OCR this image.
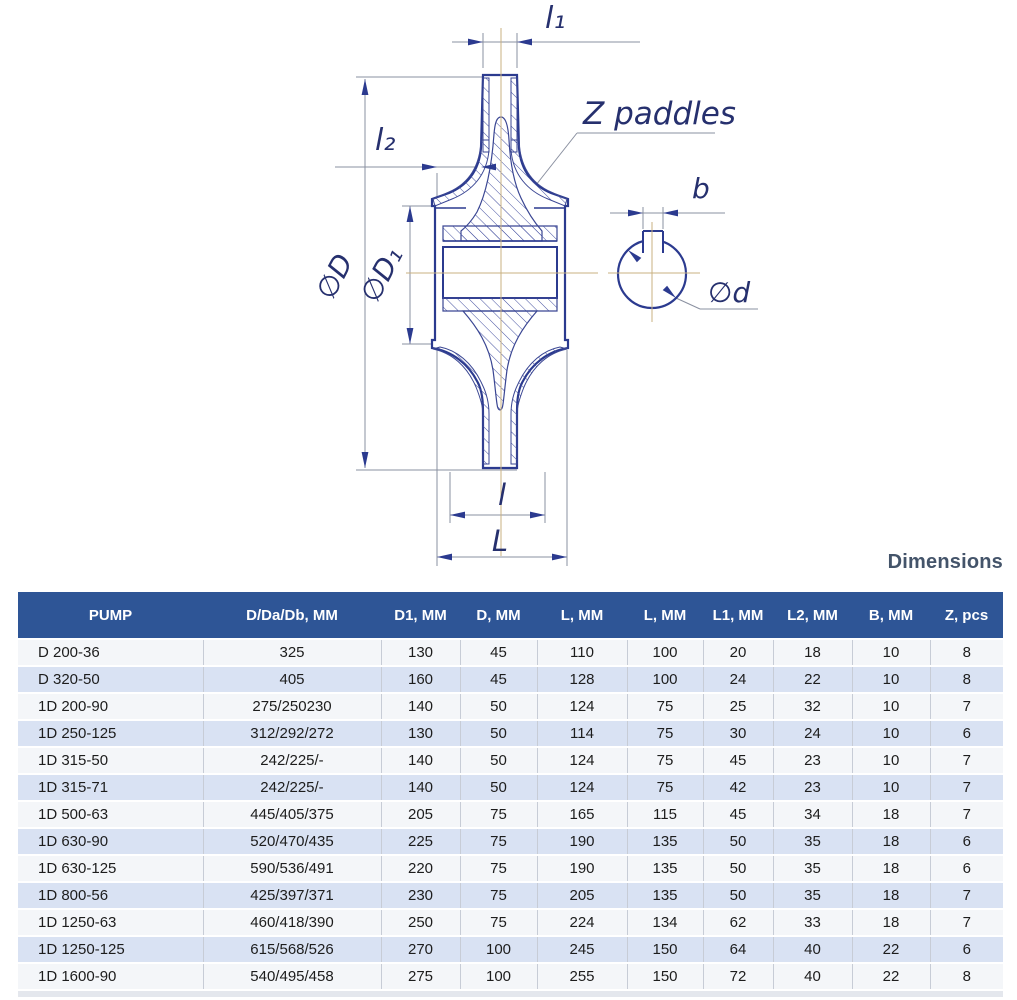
l₁
l₂
∅D
∅D₁
Z paddles
b
∅d
l
L
Dimensions
PUMP	D/Da/Db, MM	D1, MM	D, MM	L, MM	L, MM	L1, MM	L2, MM	B, MM	Z, pcs
D 200-36	325	130	45	110	100	20	18	10	8
D 320-50	405	160	45	128	100	24	22	10	8
1D 200-90	275/250230	140	50	124	75	25	32	10	7
1D 250-125	312/292/272	130	50	114	75	30	24	10	6
1D 315-50	242/225/-	140	50	124	75	45	23	10	7
1D 315-71	242/225/-	140	50	124	75	42	23	10	7
1D 500-63	445/405/375	205	75	165	115	45	34	18	7
1D 630-90	520/470/435	225	75	190	135	50	35	18	6
1D 630-125	590/536/491	220	75	190	135	50	35	18	6
1D 800-56	425/397/371	230	75	205	135	50	35	18	7
1D 1250-63	460/418/390	250	75	224	134	62	33	18	7
1D 1250-125	615/568/526	270	100	245	150	64	40	22	6
1D 1600-90	540/495/458	275	100	255	150	72	40	22	8
